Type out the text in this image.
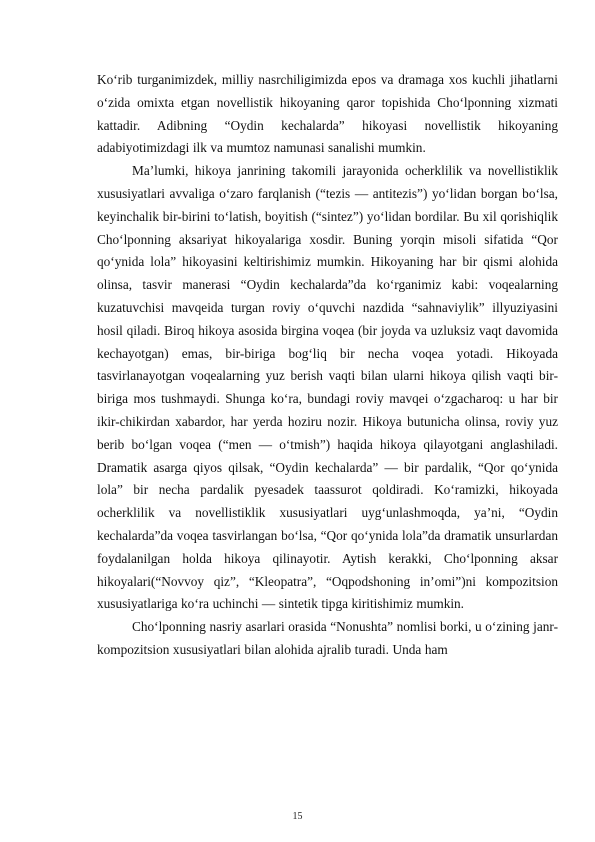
Ko‘rib turganimizdek, milliy nasrchiligimizda epos va dramaga xos kuchli jihatlarni o‘zida omixta etgan novellistik hikoyaning qaror topishida Cho‘lponning xizmati kattadir. Adibning “Oydin kechalarda” hikoyasi novellistik hikoyaning adabiyotimizdagi ilk va mumtoz namunasi sanalishi mumkin.

Ma’lumki, hikoya janrining takomili jarayonida ocherklilik va novellistiklik xususiyatlari avvaliga o‘zaro farqlanish (“tezis — antitezis”) yo‘lidan borgan bo‘lsa, keyinchalik bir-birini to‘latish, boyitish (“sintez”) yo‘lidan bordilar. Bu xil qorishiqlik Cho‘lponning aksariyat hikoyalariga xosdir. Buning yorqin misoli sifatida “Qor qo‘ynida lola” hikoyasini keltirishimiz mumkin. Hikoyaning har bir qismi alohida olinsa, tasvir manerasi “Oydin kechalarda”da ko‘rganimiz kabi: voqealarning kuzatuvchisi mavqeida turgan roviy o‘quvchi nazdida “sahnaviylik” illyuziyasini hosil qiladi. Biroq hikoya asosida birgina voqea (bir joyda va uzluksiz vaqt davomida kechayotgan) emas, bir-biriga bog‘liq bir necha voqea yotadi. Hikoyada tasvirlanayotgan voqealarning yuz berish vaqti bilan ularni hikoya qilish vaqti bir-biriga mos tushmaydi. Shunga ko‘ra, bundagi roviy mavqei o‘zgacharoq: u har bir ikir-chikirdan xabardor, har yerda hoziru nozir. Hikoya butunicha olinsa, roviy yuz berib bo‘lgan voqea (“men — o‘tmish”) haqida hikoya qilayotgani anglashiladi. Dramatik asarga qiyos qilsak, “Oydin kechalarda” — bir pardalik, “Qor qo‘ynida lola” bir necha pardalik pyesadek taassurot qoldiradi. Ko‘ramizki, hikoyada ocherklilik va novellistiklik xususiyatlari uyg‘unlashmoqda, ya’ni, “Oydin kechalarda”da voqea tasvirlangan bo‘lsa, “Qor qo‘ynida lola”da dramatik unsurlardan foydalanilgan holda hikoya qilinayotir. Aytish kerakki, Cho‘lponning aksar hikoyalari(“Novvoy qiz”, “Kleopatra”, “Oqpodshoning in’omi”)ni kompozitsion xususiyatlariga ko‘ra uchinchi — sintetik tipga kiritishimiz mumkin.

Cho‘lponning nasriy asarlari orasida “Nonushta” nomlisi borki, u o‘zining janr-kompozitsion xususiyatlari bilan alohida ajralib turadi. Unda ham

15
